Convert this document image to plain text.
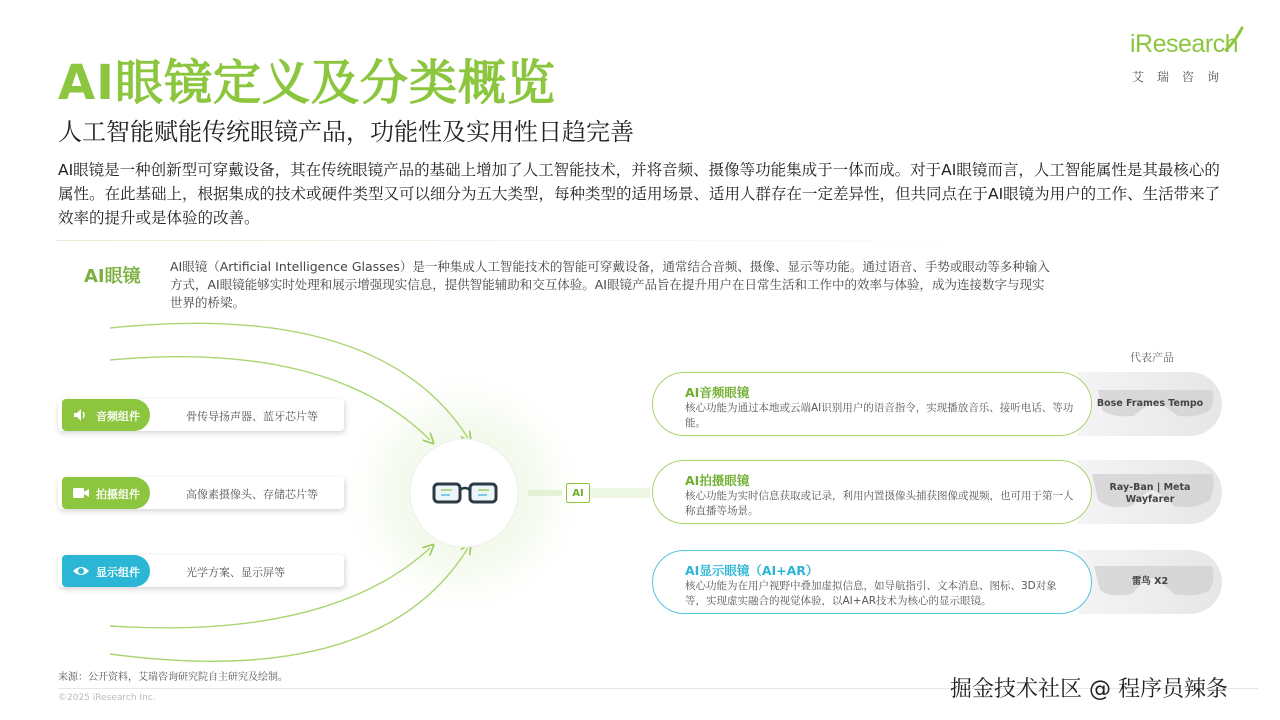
AI眼镜定义及分类概览
人工智能赋能传统眼镜产品，功能性及实用性日趋完善
AI眼镜是一种创新型可穿戴设备，其在传统眼镜产品的基础上增加了人工智能技术，并将音频、摄像等功能集成于一体而成。对于AI眼镜而言，人工智能属性是其最核心的属性。在此基础上，根据集成的技术或硬件类型又可以细分为五大类型，每种类型的适用场景、适用人群存在一定差异性，但共同点在于AI眼镜为用户的工作、生活带来了效率的提升或是体验的改善。
iResearch
艾瑞咨询
AI眼镜 AI眼镜（Artificial Intelligence Glasses）是一种集成人工智能技术的智能可穿戴设备，通常结合音频、摄像、显示等功能。通过语音、手势或眼动等多种输入方式，AI眼镜能够实时处理和展示增强现实信息，提供智能辅助和交互体验。AI眼镜产品旨在提升用户在日常生活和工作中的效率与体验，成为连接数字与现实世界的桥梁。
音频组件	骨传导扬声器、蓝牙芯片等
拍摄组件	高像素摄像头、存储芯片等
显示组件	光学方案、显示屏等
AI
代表产品
Bose Frames Tempo
AI音频眼镜
核心功能为通过本地或云端AI识别用户的语音指令，实现播放音乐、接听电话、等功能。
Ray-Ban | Meta Wayfarer
AI拍摄眼镜
核心功能为实时信息获取或记录，利用内置摄像头捕获图像或视频，也可用于第一人称直播等场景。
雷鸟 X2
AI显示眼镜（AI+AR）
核心功能为在用户视野中叠加虚拟信息，如导航指引、文本消息、图标、3D对象等，实现虚实融合的视觉体验，以AI+AR技术为核心的显示眼镜。
来源：公开资料，艾瑞咨询研究院自主研究及绘制。
©2025 iResearch Inc.	掘金技术社区 @ 程序员辣条
